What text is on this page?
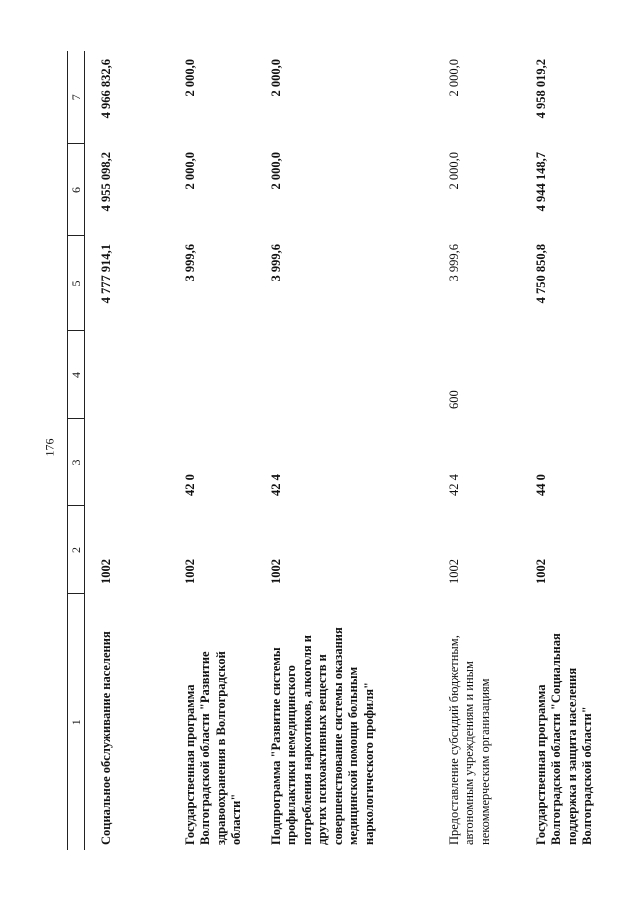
176
1	2	3	4	5	6	7
Социальное обслуживание населения	1002			4 777 914,1	4 955 098,2	4 966 832,6
Государственная программа Волгоградской области "Развитие здравоохранения в Волгоградской области"	1002	42 0		3 999,6	2 000,0	2 000,0
Подпрограмма "Развитие системы профилактики немедицинского потребления наркотиков, алкоголя и других психоактивных веществ и совершенствование системы оказания медицинской помощи больным наркологического профиля"	1002	42 4		3 999,6	2 000,0	2 000,0
Предоставление субсидий бюджетным, автономным учреждениям и иным некоммерческим организациям	1002	42 4	600	3 999,6	2 000,0	2 000,0
Государственная программа Волгоградской области "Социальная поддержка и защита населения Волгоградской области"	1002	44 0		4 750 850,8	4 944 148,7	4 958 019,2
